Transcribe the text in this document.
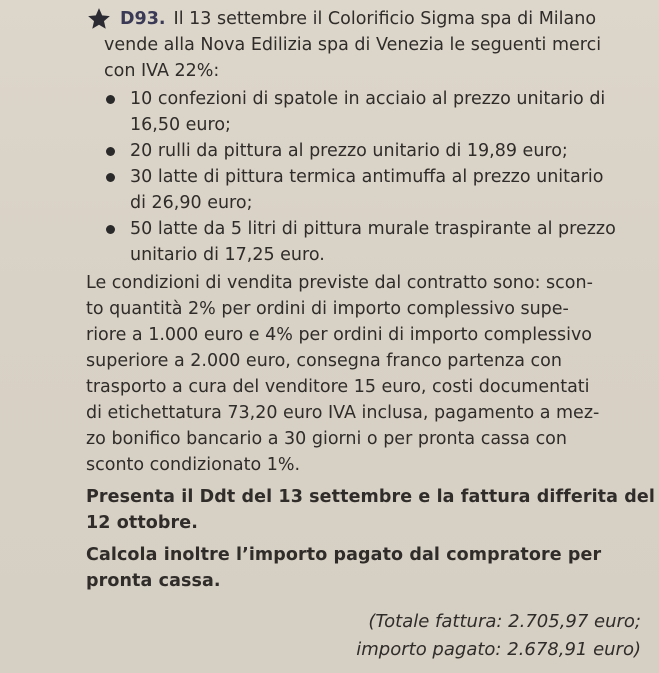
D93. Il 13 settembre il Colorificio Sigma spa di Milano
vende alla Nova Edilizia spa di Venezia le seguenti merci
con IVA 22%:
10 confezioni di spatole in acciaio al prezzo unitario di
16,50 euro;
20 rulli da pittura al prezzo unitario di 19,89 euro;
30 latte di pittura termica antimuffa al prezzo unitario
di 26,90 euro;
50 latte da 5 litri di pittura murale traspirante al prezzo
unitario di 17,25 euro.
Le condizioni di vendita previste dal contratto sono: scon-
to quantità 2% per ordini di importo complessivo supe-
riore a 1.000 euro e 4% per ordini di importo complessivo
superiore a 2.000 euro, consegna franco partenza con
trasporto a cura del venditore 15 euro, costi documentati
di etichettatura 73,20 euro IVA inclusa, pagamento a mez-
zo bonifico bancario a 30 giorni o per pronta cassa con
sconto condizionato 1%.
Presenta il Ddt del 13 settembre e la fattura differita del
12 ottobre.
Calcola inoltre l’importo pagato dal compratore per
pronta cassa.
(Totale fattura: 2.705,97 euro;
importo pagato: 2.678,91 euro)
